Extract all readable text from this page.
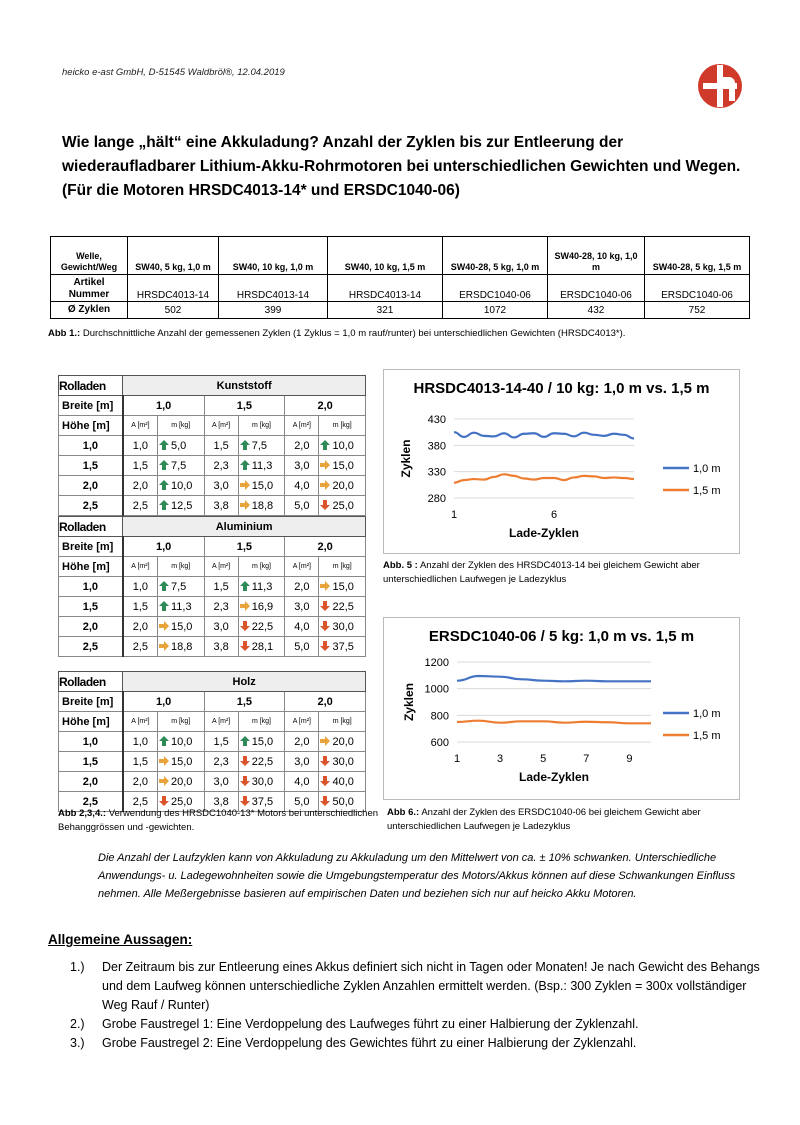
heicko e-ast GmbH, D-51545 Waldbröl®, 12.04.2019
Wie lange „hält“ eine Akkuladung? Anzahl der Zyklen bis zur Entleerung der wiederaufladbarer Lithium-Akku-Rohrmotoren bei unterschiedlichen Gewichten und Wegen. (Für die Motoren HRSDC4013-14* und ERSDC1040-06)
Welle, Gewicht/Weg	SW40, 5 kg, 1,0 m	SW40, 10 kg, 1,0 m	SW40, 10 kg, 1,5 m	SW40-28, 5 kg, 1,0 m	SW40-28, 10 kg, 1,0 m	SW40-28, 5 kg, 1,5 m
Artikel Nummer	HRSDC4013-14	HRSDC4013-14	HRSDC4013-14	ERSDC1040-06	ERSDC1040-06	ERSDC1040-06
Ø Zyklen	502	399	321	1072	432	752
Abb 1.: Durchschnittliche Anzahl der gemessenen Zyklen (1 Zyklus = 1,0 m rauf/runter) bei unterschiedlichen Gewichten (HRSDC4013*).
Rolladen	Kunststoff					
Breite [m]	1,0		1,5		2,0	
Höhe [m]	A [m²]	m [kg]	A [m²]	m [kg]	A [m²]	m [kg]
1,0	1,0	5,0	1,5	7,5	2,0	10,0
1,5	1,5	7,5	2,3	11,3	3,0	15,0
2,0	2,0	10,0	3,0	15,0	4,0	20,0
2,5	2,5	12,5	3,8	18,8	5,0	25,0
Rolladen	Aluminium					
Breite [m]	1,0		1,5		2,0	
Höhe [m]	A [m²]	m [kg]	A [m²]	m [kg]	A [m²]	m [kg]
1,0	1,0	7,5	1,5	11,3	2,0	15,0
1,5	1,5	11,3	2,3	16,9	3,0	22,5
2,0	2,0	15,0	3,0	22,5	4,0	30,0
2,5	2,5	18,8	3,8	28,1	5,0	37,5
Rolladen	Holz					
Breite [m]	1,0		1,5		2,0	
Höhe [m]	A [m²]	m [kg]	A [m²]	m [kg]	A [m²]	m [kg]
1,0	1,0	10,0	1,5	15,0	2,0	20,0
1,5	1,5	15,0	2,3	22,5	3,0	30,0
2,0	2,0	20,0	3,0	30,0	4,0	40,0
2,5	2,5	25,0	3,8	37,5	5,0	50,0
Abb 2,3,4.: Verwendung des HRSDC1040-13* Motors bei unterschiedlichen Behanggrössen und -gewichten.
HRSDC4013-14-40 / 10 kg: 1,0 m vs. 1,5 m
430
380
330
280
1	6
Lade-Zyklen
Zyklen	1,0 m
1,5 m
Abb. 5 : Anzahl der Zyklen des HRSDC4013-14 bei gleichem Gewicht aber unterschiedlichen Laufwegen je Ladezyklus
ERSDC1040-06 / 5 kg: 1,0 m vs. 1,5 m
1200
1000
800
600
1	3	5	7	9
Lade-Zyklen
Zyklen	1,0 m
1,5 m
Abb 6.: Anzahl der Zyklen des ERSDC1040-06 bei gleichem Gewicht aber unterschiedlichen Laufwegen je Ladezyklus
Die Anzahl der Laufzyklen kann von Akkuladung zu Akkuladung um den Mittelwert von ca. ± 10% schwanken. Unterschiedliche Anwendungs- u. Ladegewohnheiten sowie die Umgebungstemperatur des Motors/Akkus können auf diese Schwankungen Einfluss nehmen. Alle Meßergebnisse basieren auf empirischen Daten und beziehen sich nur auf heicko Akku Motoren.
Allgemeine Aussagen:
1.)	Der Zeitraum bis zur Entleerung eines Akkus definiert sich nicht in Tagen oder Monaten! Je nach Gewicht des Behangs und dem Laufweg können unterschiedliche Zyklen Anzahlen ermittelt werden. (Bsp.: 300 Zyklen = 300x vollständiger Weg Rauf / Runter)
2.)	Grobe Faustregel 1: Eine Verdoppelung des Laufweges führt zu einer Halbierung der Zyklenzahl.
3.)	Grobe Faustregel 2: Eine Verdoppelung des Gewichtes führt zu einer Halbierung der Zyklenzahl.
